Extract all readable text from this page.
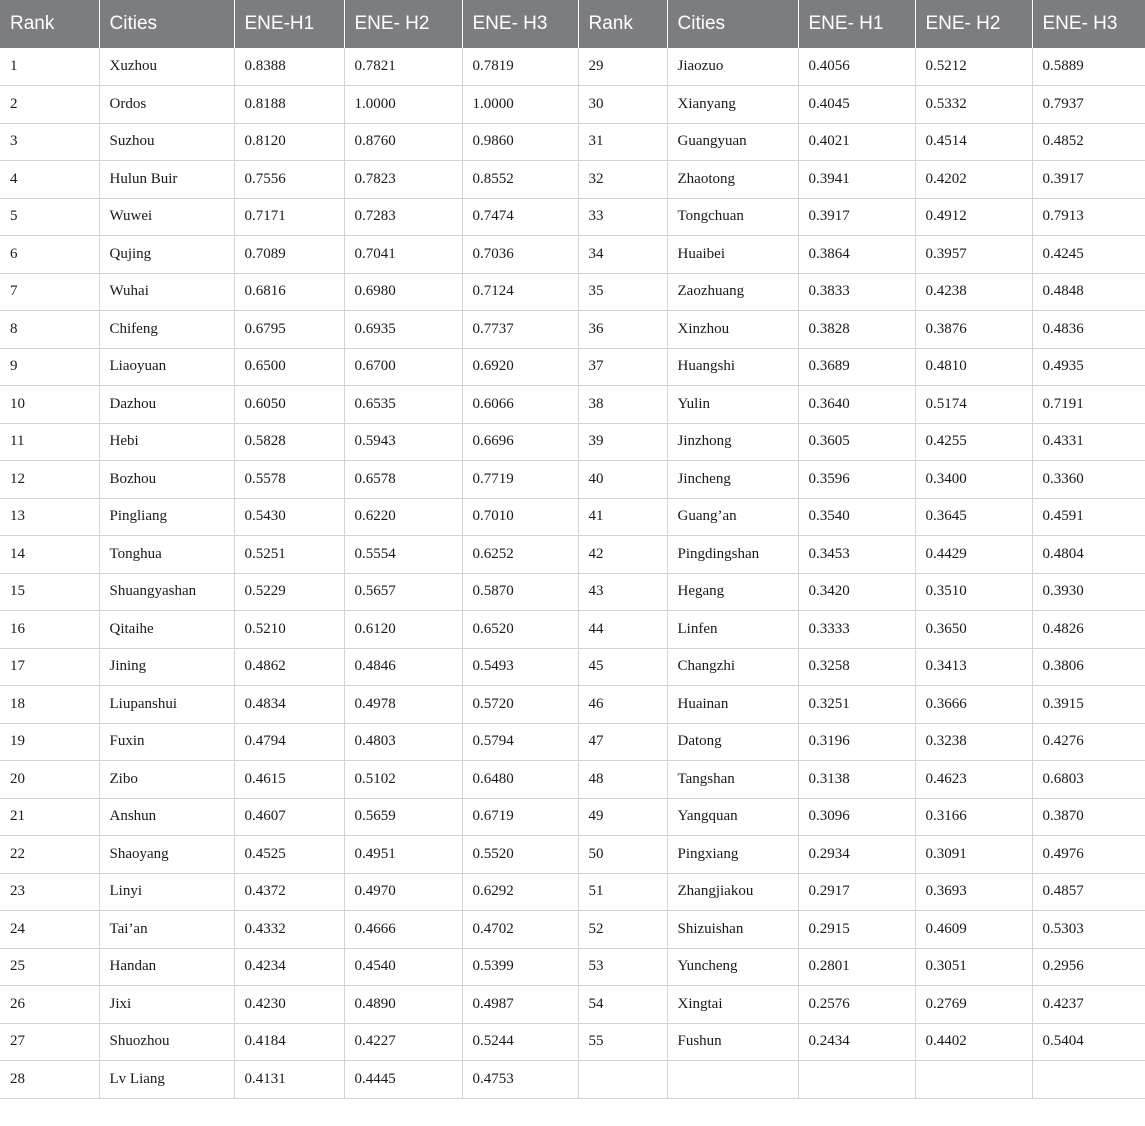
Rank	Cities	ENE-H1	ENE- H2	ENE- H3	Rank	Cities	ENE- H1	ENE- H2	ENE- H3
1	Xuzhou	0.8388	0.7821	0.7819	29	Jiaozuo	0.4056	0.5212	0.5889
2	Ordos	0.8188	1.0000	1.0000	30	Xianyang	0.4045	0.5332	0.7937
3	Suzhou	0.8120	0.8760	0.9860	31	Guangyuan	0.4021	0.4514	0.4852
4	Hulun Buir	0.7556	0.7823	0.8552	32	Zhaotong	0.3941	0.4202	0.3917
5	Wuwei	0.7171	0.7283	0.7474	33	Tongchuan	0.3917	0.4912	0.7913
6	Qujing	0.7089	0.7041	0.7036	34	Huaibei	0.3864	0.3957	0.4245
7	Wuhai	0.6816	0.6980	0.7124	35	Zaozhuang	0.3833	0.4238	0.4848
8	Chifeng	0.6795	0.6935	0.7737	36	Xinzhou	0.3828	0.3876	0.4836
9	Liaoyuan	0.6500	0.6700	0.6920	37	Huangshi	0.3689	0.4810	0.4935
10	Dazhou	0.6050	0.6535	0.6066	38	Yulin	0.3640	0.5174	0.7191
11	Hebi	0.5828	0.5943	0.6696	39	Jinzhong	0.3605	0.4255	0.4331
12	Bozhou	0.5578	0.6578	0.7719	40	Jincheng	0.3596	0.3400	0.3360
13	Pingliang	0.5430	0.6220	0.7010	41	Guang’an	0.3540	0.3645	0.4591
14	Tonghua	0.5251	0.5554	0.6252	42	Pingdingshan	0.3453	0.4429	0.4804
15	Shuangyashan	0.5229	0.5657	0.5870	43	Hegang	0.3420	0.3510	0.3930
16	Qitaihe	0.5210	0.6120	0.6520	44	Linfen	0.3333	0.3650	0.4826
17	Jining	0.4862	0.4846	0.5493	45	Changzhi	0.3258	0.3413	0.3806
18	Liupanshui	0.4834	0.4978	0.5720	46	Huainan	0.3251	0.3666	0.3915
19	Fuxin	0.4794	0.4803	0.5794	47	Datong	0.3196	0.3238	0.4276
20	Zibo	0.4615	0.5102	0.6480	48	Tangshan	0.3138	0.4623	0.6803
21	Anshun	0.4607	0.5659	0.6719	49	Yangquan	0.3096	0.3166	0.3870
22	Shaoyang	0.4525	0.4951	0.5520	50	Pingxiang	0.2934	0.3091	0.4976
23	Linyi	0.4372	0.4970	0.6292	51	Zhangjiakou	0.2917	0.3693	0.4857
24	Tai’an	0.4332	0.4666	0.4702	52	Shizuishan	0.2915	0.4609	0.5303
25	Handan	0.4234	0.4540	0.5399	53	Yuncheng	0.2801	0.3051	0.2956
26	Jixi	0.4230	0.4890	0.4987	54	Xingtai	0.2576	0.2769	0.4237
27	Shuozhou	0.4184	0.4227	0.5244	55	Fushun	0.2434	0.4402	0.5404
28	Lv Liang	0.4131	0.4445	0.4753					
